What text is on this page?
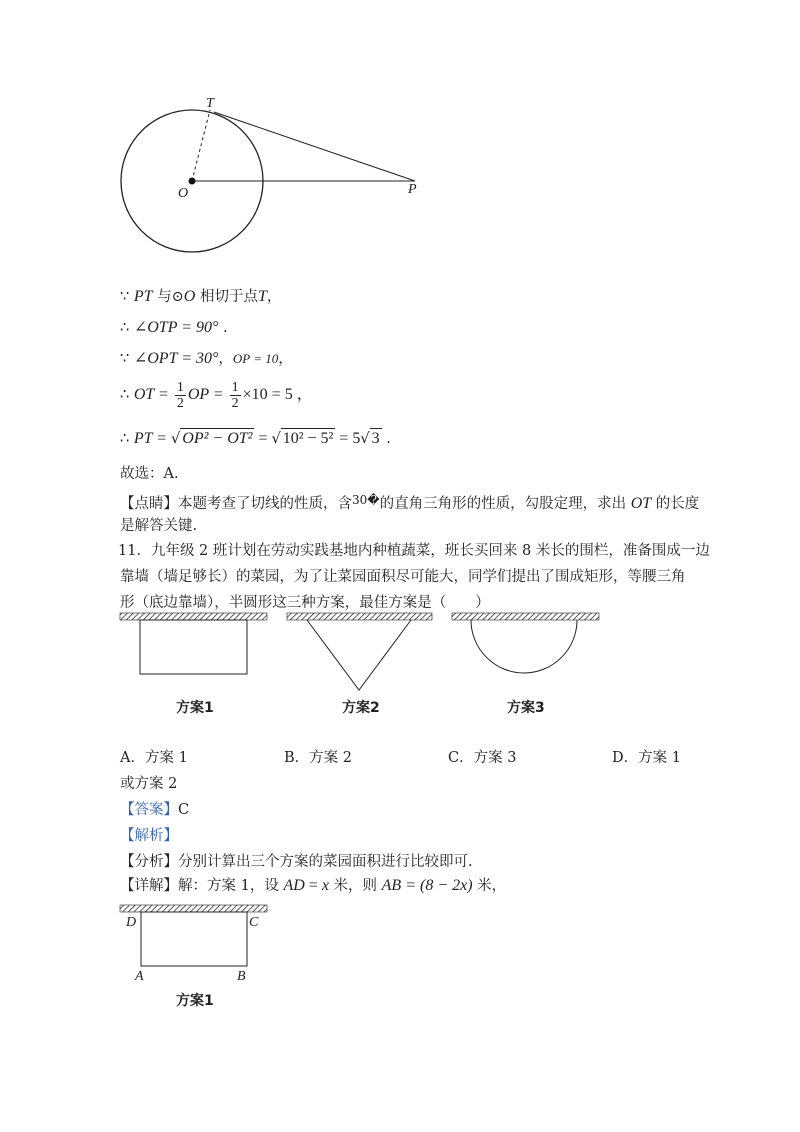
T
O	P
∵ PT 与⊙O 相切于点T，
∴ ∠OTP = 90° .
∵ ∠OPT = 30°，OP = 10，
∴ OT = $\frac{1}{2}$ OP = $\frac{1}{2} \times 10 = 5$ ，
∴ PT = √ OP² − OT² = √ 10² − 5² = 5√ 3 .
故选：A.
【点睛】本题考查了切线的性质，含$^{30�}$的直角三角形的性质，勾股定理，求出 OT 的长度
是解答关键.
11．九年级 2 班计划在劳动实践基地内种植蔬菜，班长买回来 8 米长的围栏，准备围成一边
靠墙（墙足够长）的菜园，为了让菜园面积尽可能大，同学们提出了围成矩形，等腰三角
形（底边靠墙），半圆形这三种方案，最佳方案是（　　）
方案1	方案2	方案3
A．方案 1	B．方案 2	C．方案 3	D．方案 1
或方案 2
【答案】C
【解析】
【分析】分别计算出三个方案的菜园面积进行比较即可.
【详解】解：方案 1，设 AD = x 米，则 AB = (8 − 2x) 米，
D	C
A	B
方案1
